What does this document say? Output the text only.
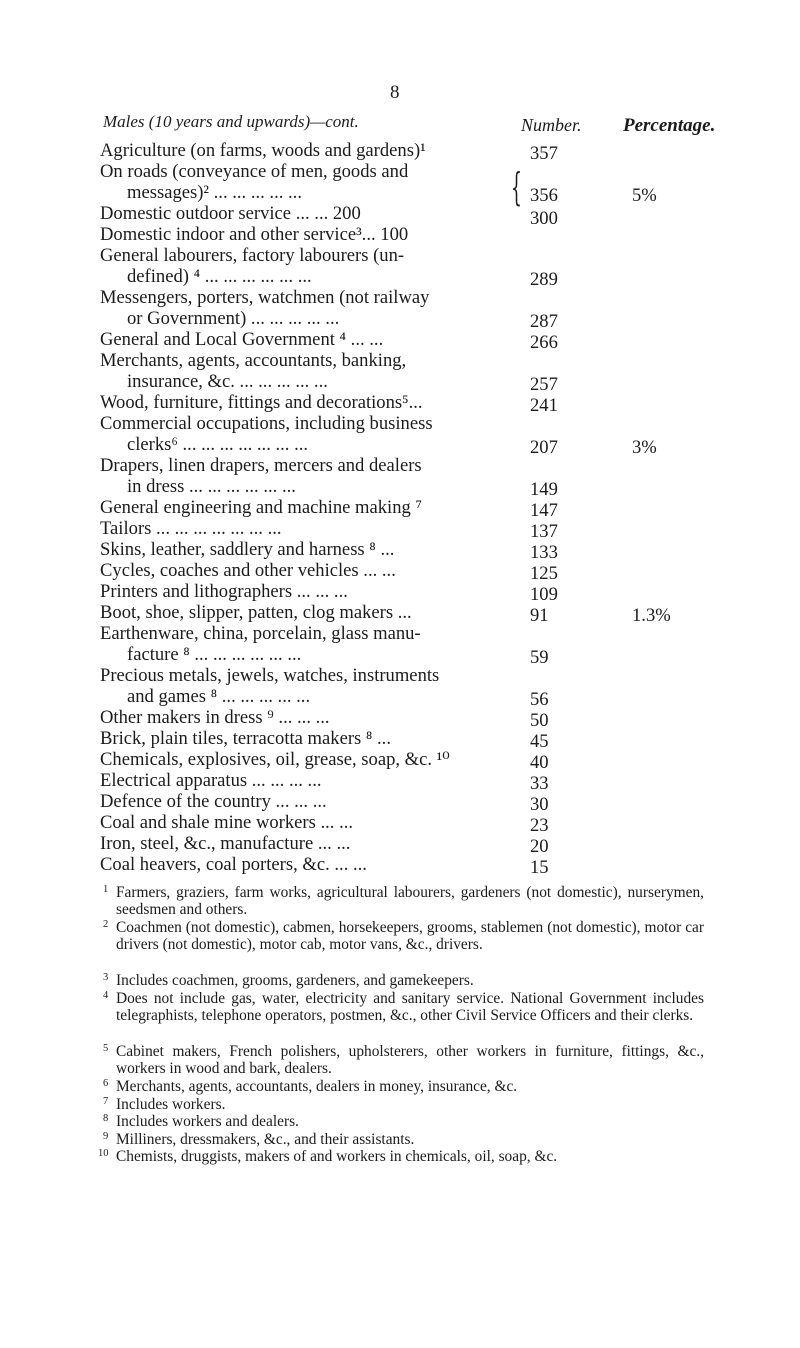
8
Males (10 years and upwards)—cont.	Number. Percentage.
Agriculture (on farms, woods and gardens)¹
On roads (conveyance of men, goods and
messages)² ... ... ... ... ...
Domestic outdoor service ... ... 200
Domestic indoor and other service³... 100
General labourers, factory labourers (un-
defined) ⁴ ... ... ... ... ... ...
Messengers, porters, watchmen (not railway
or Government) ... ... ... ... ...
General and Local Government ⁴ ... ...
Merchants, agents, accountants, banking,
insurance, &c. ... ... ... ... ...
Wood, furniture, fittings and decorations⁵...
Commercial occupations, including business
clerks⁶ ... ... ... ... ... ... ...
Drapers, linen drapers, mercers and dealers
in dress ... ... ... ... ... ...
General engineering and machine making ⁷
Tailors ... ... ... ... ... ... ...
Skins, leather, saddlery and harness ⁸ ...
Cycles, coaches and other vehicles ... ...
Printers and lithographers ... ... ...
Boot, shoe, slipper, patten, clog makers ...
Earthenware, china, porcelain, glass manu-
facture ⁸ ... ... ... ... ... ...
Precious metals, jewels, watches, instruments
and games ⁸ ... ... ... ... ...
Other makers in dress ⁹ ... ... ...
Brick, plain tiles, terracotta makers ⁸ ...
Chemicals, explosives, oil, grease, soap, &c. ¹⁰
Electrical apparatus ... ... ... ...
Defence of the country ... ... ...
Coal and shale mine workers ... ...
Iron, steel, &c., manufacture ... ...
Coal heavers, coal porters, &c. ... ...
{
357
356
300
289
287
266
257
241
207
149
147
137
133
125
109
91
59
56
50
45
40
33
30
23
20
15
5%
3%
1.3%
1 Farmers, graziers, farm works, agricultural labourers, gardeners (not domestic), nurserymen, seedsmen and others.
2 Coachmen (not domestic), cabmen, horsekeepers, grooms, stablemen (not domestic), motor car drivers (not domestic), motor cab, motor vans, &c., drivers.
3 Includes coachmen, grooms, gardeners, and gamekeepers.
4 Does not include gas, water, electricity and sanitary service. National Government includes telegraphists, telephone operators, postmen, &c., other Civil Service Officers and their clerks.
5 Cabinet makers, French polishers, upholsterers, other workers in furniture, fittings, &c., workers in wood and bark, dealers.
6 Merchants, agents, accountants, dealers in money, insurance, &c.
7 Includes workers.
8 Includes workers and dealers.
9 Milliners, dressmakers, &c., and their assistants.
10 Chemists, druggists, makers of and workers in chemicals, oil, soap, &c.
